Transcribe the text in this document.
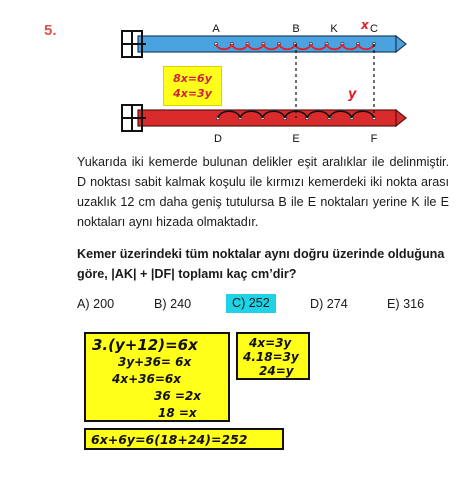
5.	A	B	K	C
x
D	E	F
y
8x=6y
4x=3y
Yukarıda iki kemerde bulunan delikler eşit aralıklar ile delinmiştir. D noktası sabit kalmak koşulu ile kırmızı kemerdeki iki nokta arası uzaklık 12 cm daha geniş tutulursa B ile E noktaları yerine K ile E noktaları aynı hizada olmaktadır.
Kemer üzerindeki tüm noktalar aynı doğru üzerinde olduğuna göre, |AK| + |DF| toplamı kaç cm’dir?
A) 200	B) 240	C) 252	D) 274	E) 316
3.(y+12)=6x
3y+36= 6x
4x+36=6x
36 =2x
18 =x
4x=3y
4.18=3y
24=y
6x+6y=6(18+24)=252
